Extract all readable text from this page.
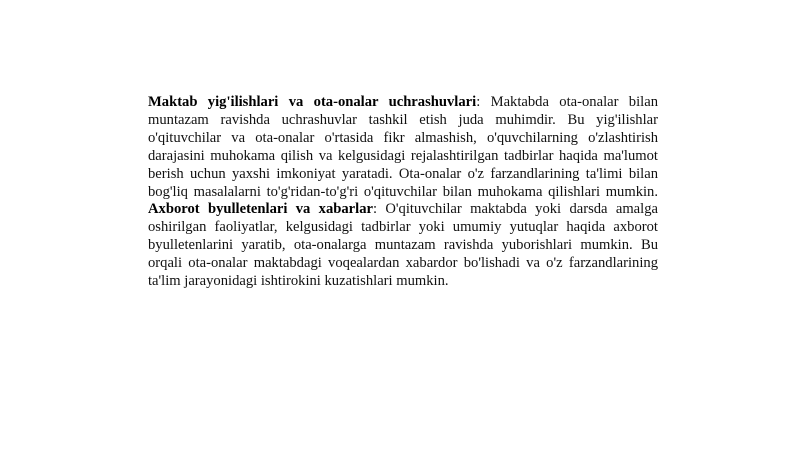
Maktab yig'ilishlari va ota-onalar uchrashuvlari: Maktabda ota-onalar bilan muntazam ravishda uchrashuvlar tashkil etish juda muhimdir. Bu yig'ilishlar o'qituvchilar va ota-onalar o'rtasida fikr almashish, o'quvchilarning o'zlashtirish darajasini muhokama qilish va kelgusidagi rejalashtirilgan tadbirlar haqida ma'lumot berish uchun yaxshi imkoniyat yaratadi. Ota-onalar o'z farzandlarining ta'limi bilan bog'liq masalalarni to'g'ridan-to'g'ri o'qituvchilar bilan muhokama qilishlari mumkin. Axborot byulletenlari va xabarlar: O'qituvchilar maktabda yoki darsda amalga oshirilgan faoliyatlar, kelgusidagi tadbirlar yoki umumiy yutuqlar haqida axborot byulletenlarini yaratib, ota-onalarga muntazam ravishda yuborishlari mumkin. Bu orqali ota-onalar maktabdagi voqealardan xabardor bo'lishadi va o'z farzandlarining ta'lim jarayonidagi ishtirokini kuzatishlari mumkin.
